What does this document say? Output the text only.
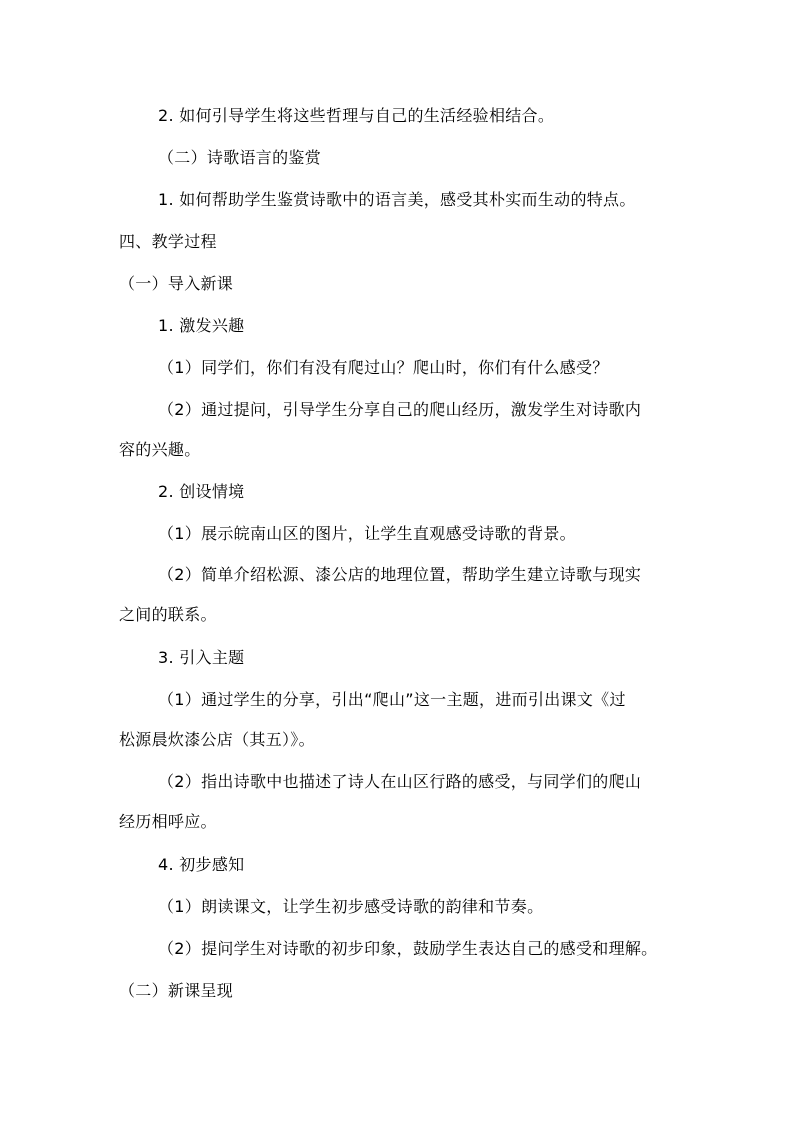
2. 如何引导学生将这些哲理与自己的生活经验相结合。
（二）诗歌语言的鉴赏
1. 如何帮助学生鉴赏诗歌中的语言美，感受其朴实而生动的特点。
四、教学过程
（一）导入新课
1. 激发兴趣
（1）同学们，你们有没有爬过山？爬山时，你们有什么感受？
（2）通过提问，引导学生分享自己的爬山经历，激发学生对诗歌内
容的兴趣。
2. 创设情境
（1）展示皖南山区的图片，让学生直观感受诗歌的背景。
（2）简单介绍松源、漆公店的地理位置，帮助学生建立诗歌与现实
之间的联系。
3. 引入主题
（1）通过学生的分享，引出“爬山”这一主题，进而引出课文《过
松源晨炊漆公店（其五）》。
（2）指出诗歌中也描述了诗人在山区行路的感受，与同学们的爬山
经历相呼应。
4. 初步感知
（1）朗读课文，让学生初步感受诗歌的韵律和节奏。
（2）提问学生对诗歌的初步印象，鼓励学生表达自己的感受和理解。
（二）新课呈现
